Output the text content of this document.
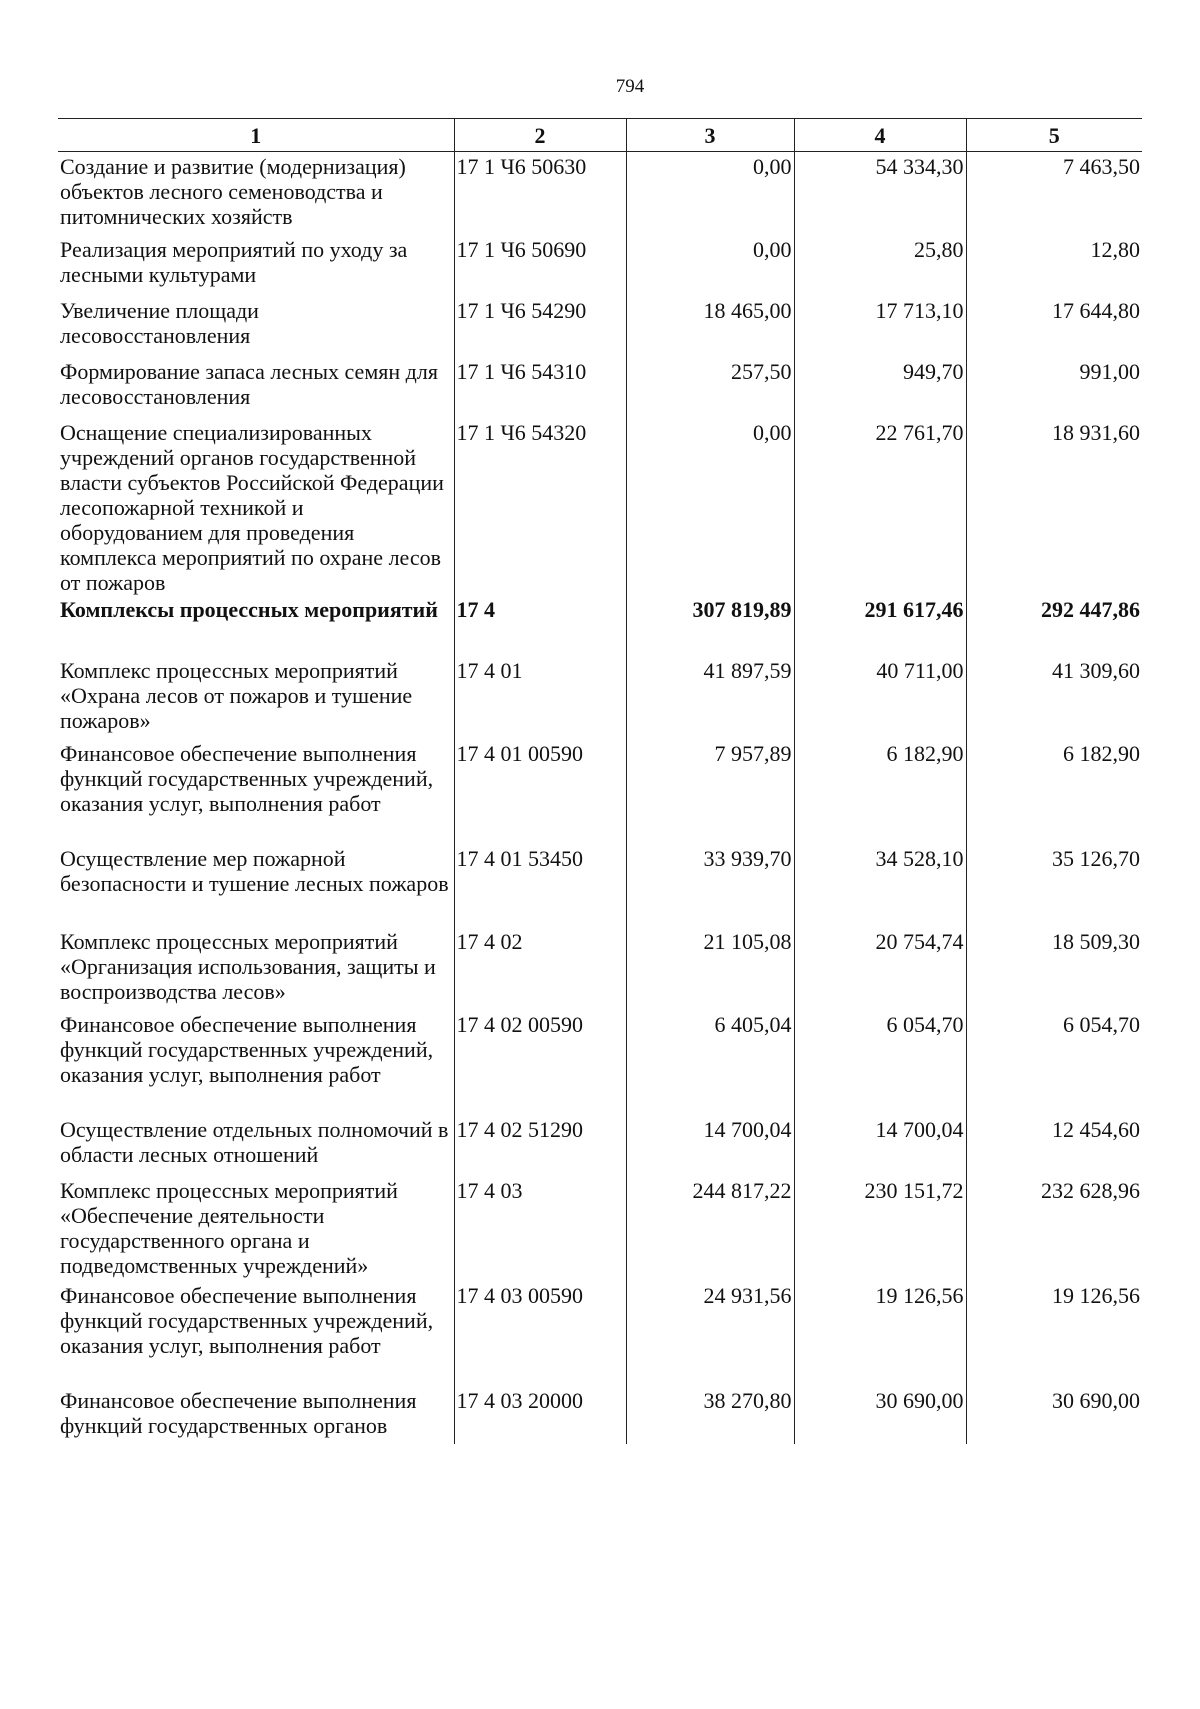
794
1	2	3	4	5
Создание и развитие (модернизация) объектов лесного семеноводства и питомнических хозяйств	17 1 Ч6 50630	0,00	54 334,30	7 463,50
Реализация мероприятий по уходу за лесными культурами	17 1 Ч6 50690	0,00	25,80	12,80
Увеличение площади лесовосстановления	17 1 Ч6 54290	18 465,00	17 713,10	17 644,80
Формирование запаса лесных семян для лесовосстановления	17 1 Ч6 54310	257,50	949,70	991,00
Оснащение специализированных учреждений органов государственной власти субъектов Российской Федерации лесопожарной техникой и оборудованием для проведения комплекса мероприятий по охране лесов от пожаров	17 1 Ч6 54320	0,00	22 761,70	18 931,60
Комплексы процессных мероприятий	17 4	307 819,89	291 617,46	292 447,86
Комплекс процессных мероприятий «Охрана лесов от пожаров и тушение пожаров»	17 4 01	41 897,59	40 711,00	41 309,60
Финансовое обеспечение выполнения функций государственных учреждений, оказания услуг, выполнения работ	17 4 01 00590	7 957,89	6 182,90	6 182,90
Осуществление мер пожарной безопасности и тушение лесных пожаров	17 4 01 53450	33 939,70	34 528,10	35 126,70
Комплекс процессных мероприятий «Организация использования, защиты и воспроизводства лесов»	17 4 02	21 105,08	20 754,74	18 509,30
Финансовое обеспечение выполнения функций государственных учреждений, оказания услуг, выполнения работ	17 4 02 00590	6 405,04	6 054,70	6 054,70
Осуществление отдельных полномочий в области лесных отношений	17 4 02 51290	14 700,04	14 700,04	12 454,60
Комплекс процессных мероприятий «Обеспечение деятельности государственного органа и подведомственных учреждений»	17 4 03	244 817,22	230 151,72	232 628,96
Финансовое обеспечение выполнения функций государственных учреждений, оказания услуг, выполнения работ	17 4 03 00590	24 931,56	19 126,56	19 126,56
Финансовое обеспечение выполнения функций государственных органов	17 4 03 20000	38 270,80	30 690,00	30 690,00
